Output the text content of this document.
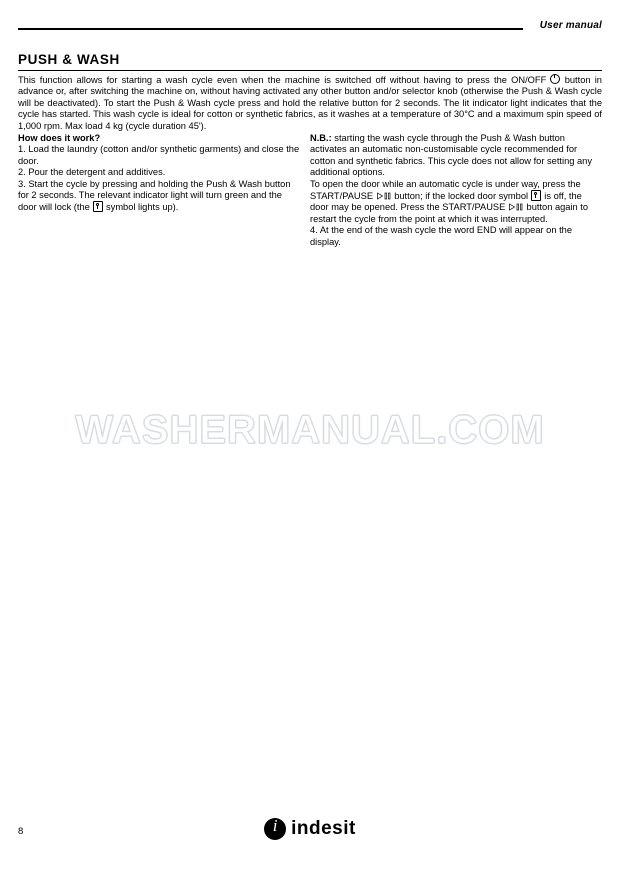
User manual
PUSH & WASH
This function allows for starting a wash cycle even when the machine is switched off without having to press the ON/OFF button in advance or, after switching the machine on, without having activated any other button and/or selector knob (otherwise the Push & Wash cycle will be deactivated). To start the Push & Wash cycle press and hold the relative button for 2 seconds. The lit indicator light indicates that the cycle has started. This wash cycle is ideal for cotton or synthetic fabrics, as it washes at a temperature of 30°C and a maximum spin speed of 1,000 rpm. Max load 4 kg (cycle duration 45').
How does it work?

1. Load the laundry (cotton and/or synthetic garments) and close the door.

2. Pour the detergent and additives.

3. Start the cycle by pressing and holding the Push & Wash button for 2 seconds. The relevant indicator light will turn green and the door will lock (the symbol lights up).

N.B.: starting the wash cycle through the Push & Wash button activates an automatic non-customisable cycle recommended for cotton and synthetic fabrics. This cycle does not allow for setting any additional options.

To open the door while an automatic cycle is under way, press the START/PAUSE button; if the locked door symbol is off, the door may be opened. Press the START/PAUSE button again to restart the cycle from the point at which it was interrupted.

4. At the end of the wash cycle the word END will appear on the display.

WASHERMANUAL.COM
8 i	indesit
